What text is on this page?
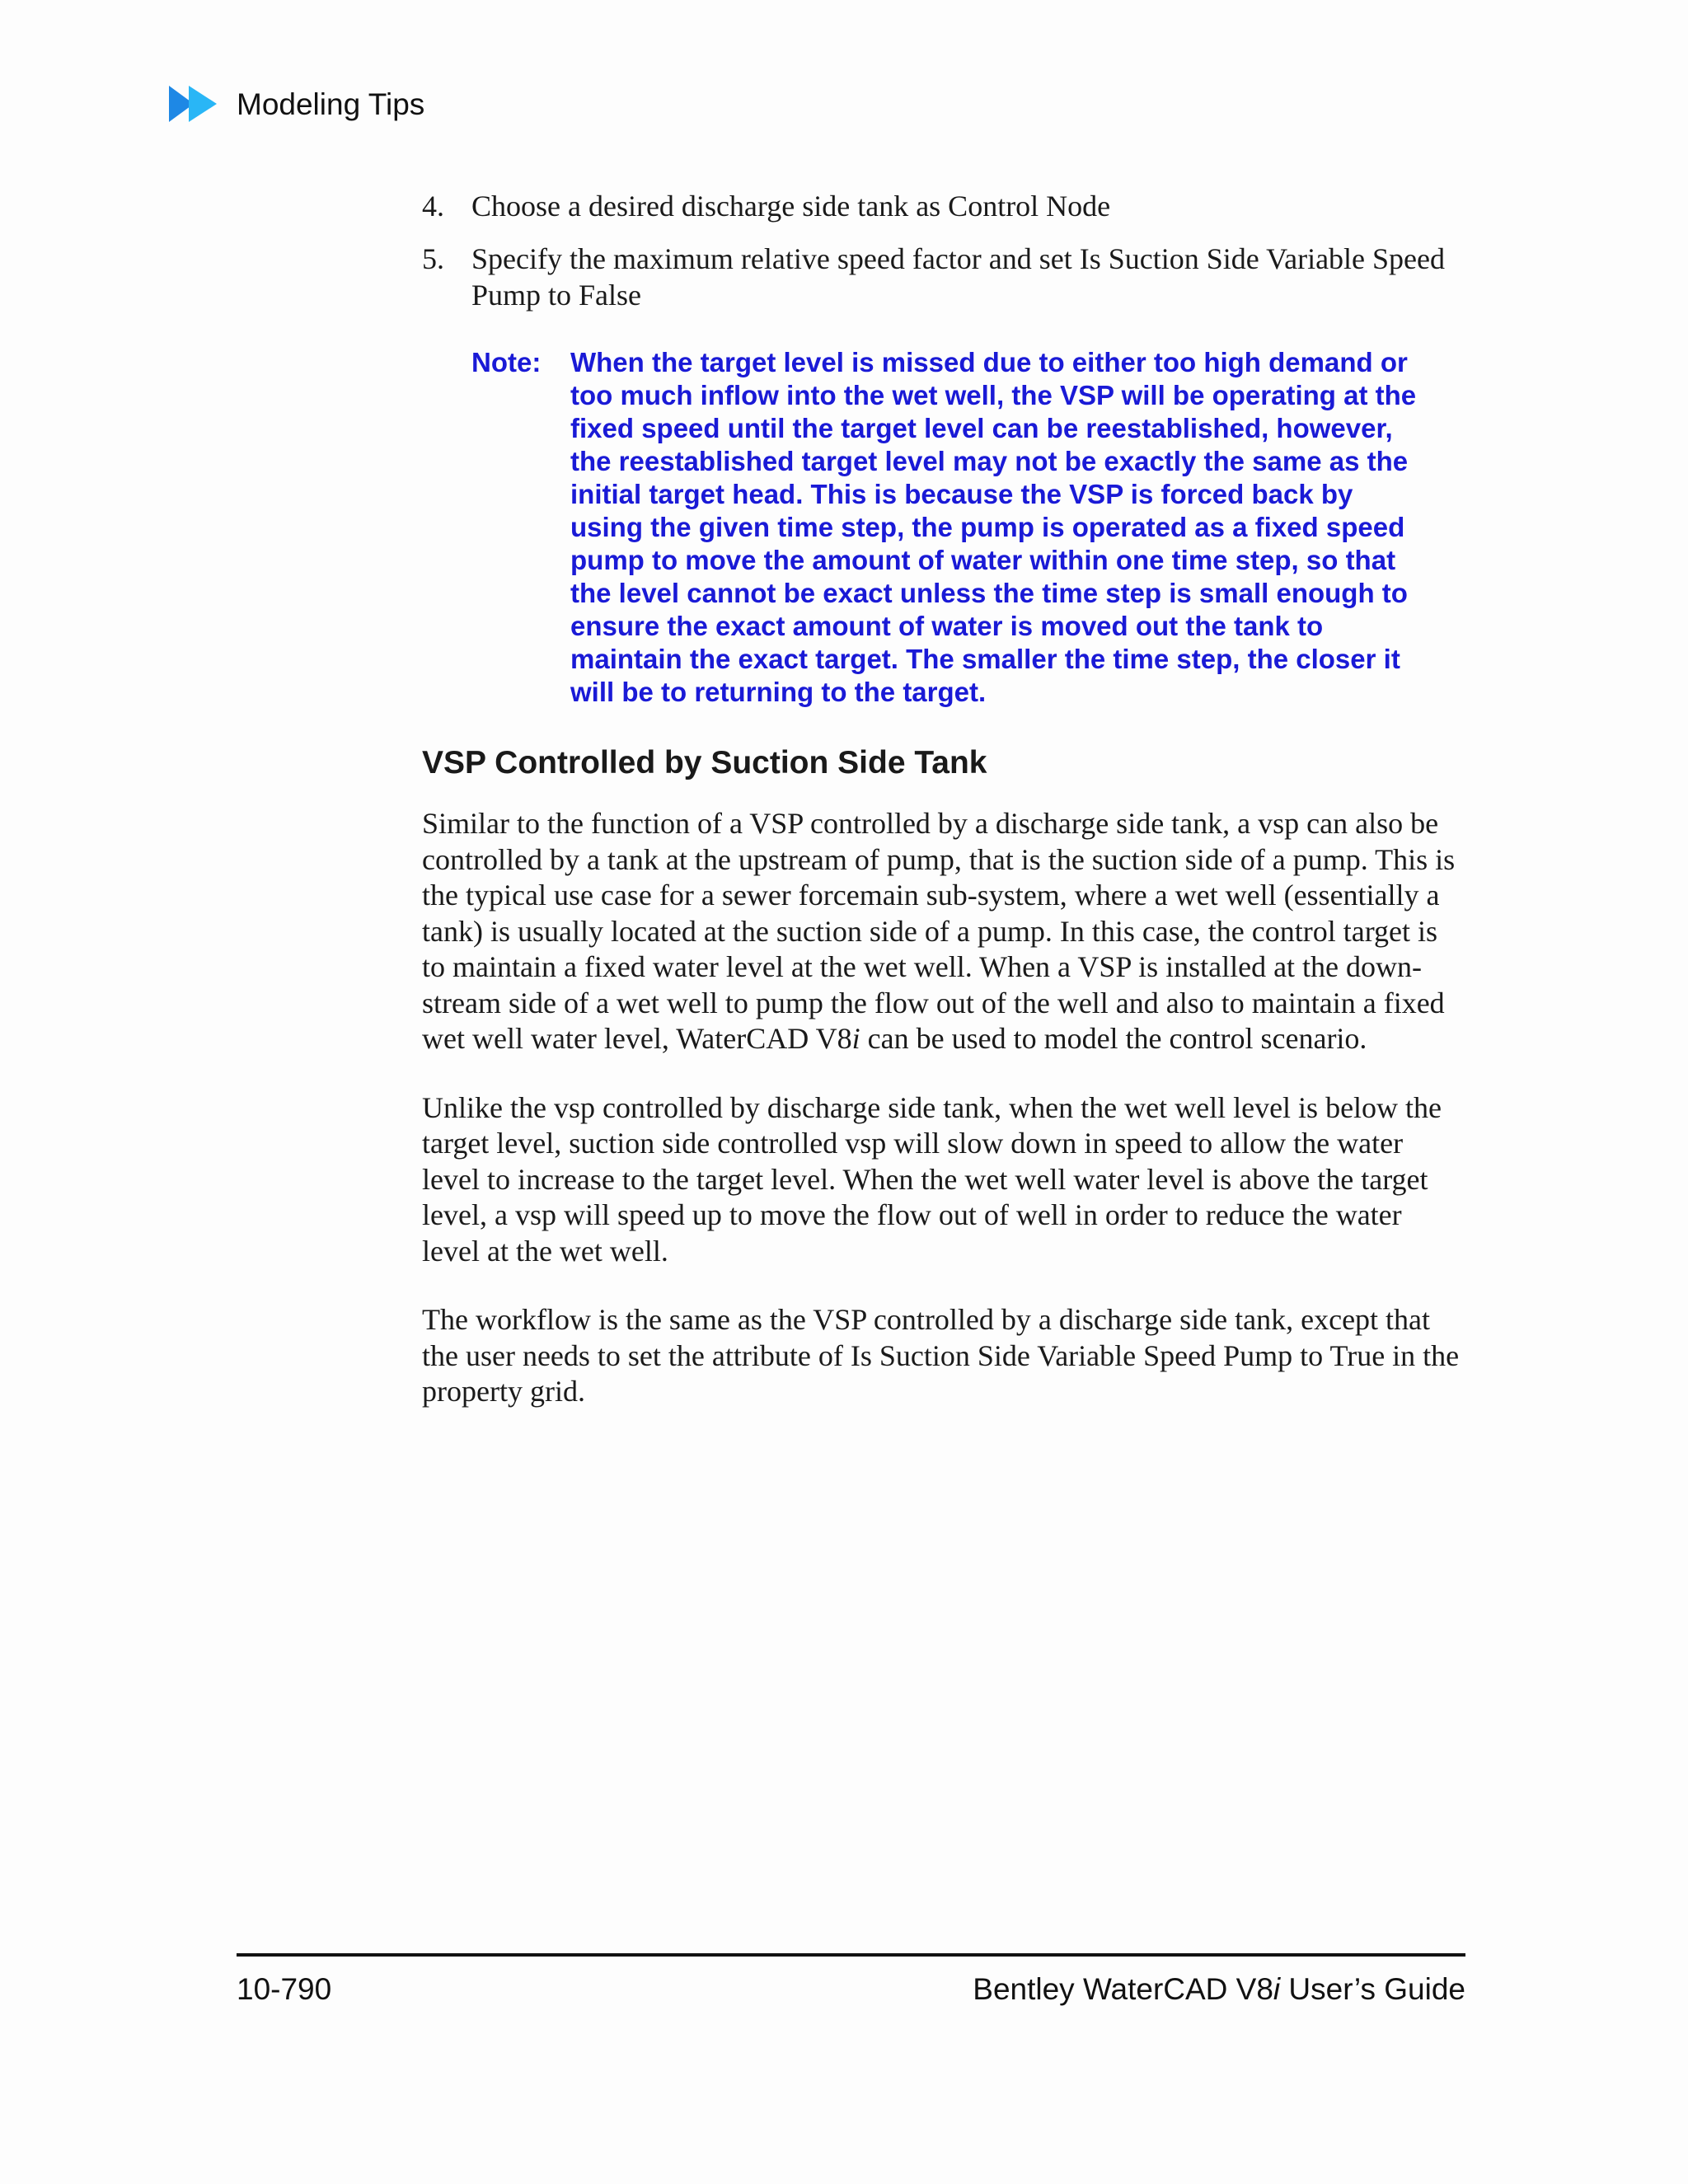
Modeling Tips
4. Choose a desired discharge side tank as Control Node
5. Specify the maximum relative speed factor and set Is Suction Side Variable Speed Pump to False
Note:	When the target level is missed due to either too high demand or too much inflow into the wet well, the VSP will be operating at the fixed speed until the target level can be reestablished, however, the reestablished target level may not be exactly the same as the initial target head. This is because the VSP is forced back by using the given time step, the pump is operated as a fixed speed pump to move the amount of water within one time step, so that the level cannot be exact unless the time step is small enough to ensure the exact amount of water is moved out the tank to maintain the exact target. The smaller the time step, the closer it will be to returning to the target.
VSP Controlled by Suction Side Tank

Similar to the function of a VSP controlled by a discharge side tank, a vsp can also be controlled by a tank at the upstream of pump, that is the suction side of a pump. This is the typical use case for a sewer forcemain sub-system, where a wet well (essentially a tank) is usually located at the suction side of a pump. In this case, the control target is to maintain a fixed water level at the wet well. When a VSP is installed at the down-stream side of a wet well to pump the flow out of the well and also to maintain a fixed wet well water level, WaterCAD V8i can be used to model the control scenario.

Unlike the vsp controlled by discharge side tank, when the wet well level is below the target level, suction side controlled vsp will slow down in speed to allow the water level to increase to the target level. When the wet well water level is above the target level, a vsp will speed up to move the flow out of well in order to reduce the water level at the wet well.

The workflow is the same as the VSP controlled by a discharge side tank, except that the user needs to set the attribute of Is Suction Side Variable Speed Pump to True in the property grid.

10-790	Bentley WaterCAD V8i User’s Guide
